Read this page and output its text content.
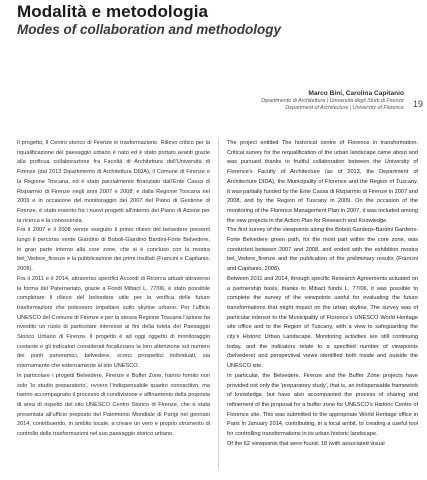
Modalità e metodologia
Modes of collaboration and methodology
Marco Bini, Carolina Capitanio
Dipartimento di Architettura | Università degli Studi di Firenze
Department of Architecture | University of Florence 19

Il progetto, Il Centro storico di Firenze in trasformazione. Rilievo critico per la riqualificazione del paesaggio urbano è nato ed è stato portato avanti grazie alla proficua collaborazione fra Facoltà di Architettura dell’Università di Firenze (dal 2013 Dipartimento di Architettura DIDA), il Comune di Firenze e la Regione Toscana, ed è stato parzialmente finanziato dall’Ente Cassa di Risparmio di Firenze negli anni 2007 e 2008; e dalla Regione Toscana nel 2009 e in occasione del monitoraggio del 2007 del Piano di Gestione di Firenze, è stato inserito fra i nuovi progetti all’interno del Piano di Azione per la ricerca e la conoscenza.

Fra il 2007 e il 2008 venne eseguito il primo rilievo del belvedere presenti lungo il percorso verde Giardino di Boboli-Giardino Bardini-Forte Belvedere, in gran parte interno alla core zone, che si è concluso con la mostra bel_Vedere_firenze e la pubblicazione dei primi risultati (Francini e Capitanio, 2008).

Fra il 2011 e il 2014, attraverso specifici Accordi di Ricerca attuati attraverso la forma del Paternariato, grazie a Fondi Mibact L. 77/06, è stato possibile completare il rilievo del belvedere utile per la verifica delle future trasformazioni che potessero impattare sullo skyline urbano. Per l’ufficio UNESCO del Comune di Firenze e per la stessa Regione Toscana l’azione ha rivestito un ruolo di particolare interesse ai fini della tutela del Paesaggio Storico Urbano di Firenze. Il progetto è ad oggi oggetto di monitoraggio costante e gli indicatori considerati focalizzano la loro attenzione sul numero dei punti panoramici, belvedere, scorci prospettici individuati, sia internamente che esternamente al sito UNESCO.

In particolare i progetti Belvedere, Firenze e Buffer Zone, hanno fornito non solo ‘lo studio preparatorio’, ovvero l’indispensabile quadro conoscitivo, ma hanno accompagnato il processo di condivisione e affinamento della proposta di area di rispetto del sito UNESCO Centro Storico di Firenze, che è stata presentata all’ufficio preposto del Patrimonio Mondiale di Parigi nel gennaio 2014, contribuendo, in ambito locale, a creare un vero e proprio strumento di controllo delle trasformazioni nel suo paesaggio storico urbano.

The project entitled The historical centre of Florence in transformation. Critical survey for the requalification of the urban landscape came about and was pursued thanks to fruitful collaboration between the University of Florence’s Faculty of Architecture (as of 2013, the Department of Architecture DIDA), the Municipality of Florence and the Region of Tuscany. It was partially funded by the Ente Cassa di Risparmio di Firenze in 2007 and 2008, and by the Region of Tuscany in 2009. On the occasion of the monitoring of the Florence Management Plan in 2007, it was included among the new projects in the Action Plan for Research and Knowledge.

The first survey of the viewpoints along the Boboli Gardens-Bardini Gardens-Forte Belvedere green path, for the most part within the core zone, was conducted between 2007 and 2008, and ended with the exhibition mostra bel_Vedere_firenze and the publication of the preliminary results (Francini and Capitanio, 2008).

Between 2011 and 2014, through specific Research Agreements actuated on a partnership basis, thanks to Mibact funds L. 77/06, it was possible to complete the survey of the viewpoints useful for evaluating the future transformations that might impact on the urban skyline. The survey was of particular interest to the Municipality of Florence’s UNESCO World Heritage site office and to the Region of Tuscany, with a view to safeguarding the city’s Historic Urban Landscape. Monitoring activities are still continuing today, and the indicators relate to a specified number of viewpoints (belvedere) and perspectival views identified both inside and outside the UNESCO site.

In particular, the Belvedere, Firenze and the Buffer Zone projects have provided not only the ‘preparatory study’, that is, an indispensable framework of knowledge, but have also accompanied the process of sharing and refinement of the proposal for a buffer zone for UNESCO’s Historic Centre of Florence site. This was submitted to the appropriate World Heritage office in Paris in January 2014, contributing, in a local ambit, to creating a useful tool for controlling transformations in its urban historic landscape.

Of the 62 viewpoints that were found, 18 (with associated visual
